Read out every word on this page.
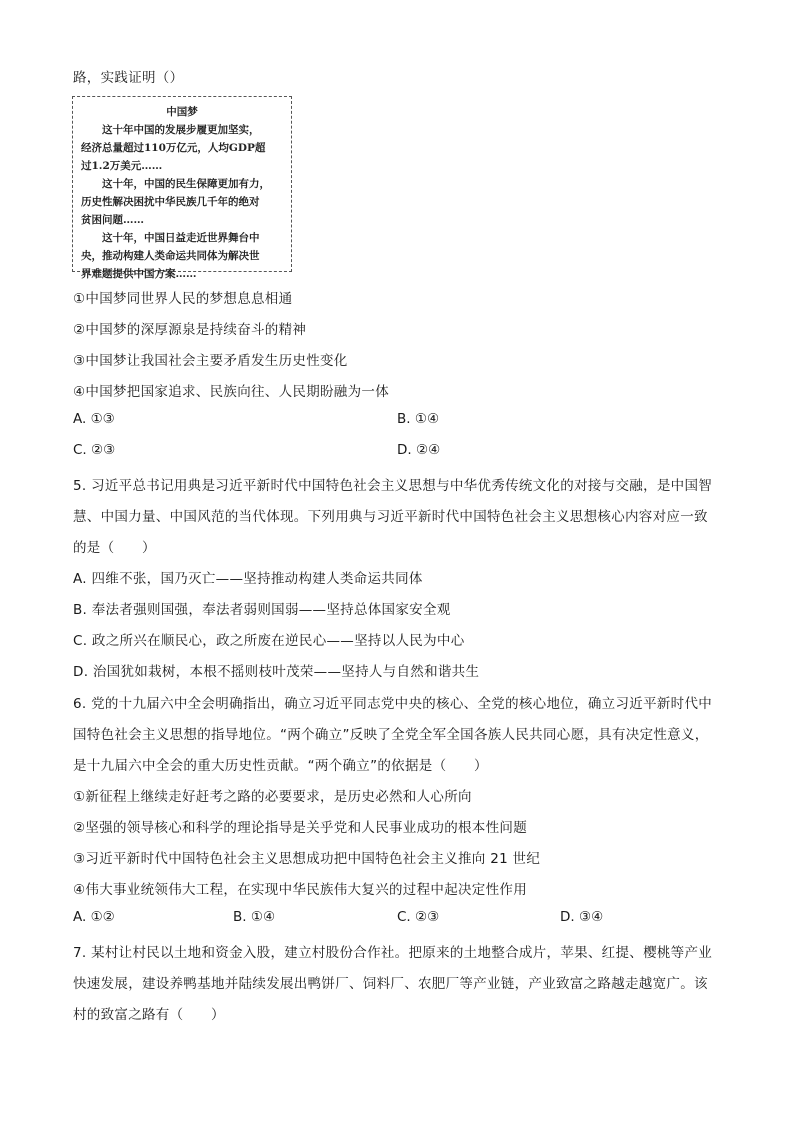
路，实践证明（）
中国梦
　　这十年中国的发展步履更加坚实，
经济总量超过110万亿元，人均GDP超
过1.2万美元……
　　这十年，中国的民生保障更加有力，
历史性解决困扰中华民族几千年的绝对
贫困问题……
　　这十年，中国日益走近世界舞台中
央，推动构建人类命运共同体为解决世
界难题提供中国方案……
①中国梦同世界人民的梦想息息相通
②中国梦的深厚源泉是持续奋斗的精神
③中国梦让我国社会主要矛盾发生历史性变化
④中国梦把国家追求、民族向往、人民期盼融为一体
A. ①③	B. ①④
C. ②③	D. ②④
5. 习近平总书记用典是习近平新时代中国特色社会主义思想与中华优秀传统文化的对接与交融，是中国智
慧、中国力量、中国风范的当代体现。下列用典与习近平新时代中国特色社会主义思想核心内容对应一致
的是（　　）
A. 四维不张，国乃灭亡——坚持推动构建人类命运共同体
B. 奉法者强则国强，奉法者弱则国弱——坚持总体国家安全观
C. 政之所兴在顺民心，政之所废在逆民心——坚持以人民为中心
D. 治国犹如栽树，本根不摇则枝叶茂荣——坚持人与自然和谐共生
6. 党的十九届六中全会明确指出，确立习近平同志党中央的核心、全党的核心地位，确立习近平新时代中
国特色社会主义思想的指导地位。“两个确立”反映了全党全军全国各族人民共同心愿，具有决定性意义，
是十九届六中全会的重大历史性贡献。“两个确立”的依据是（　　）
①新征程上继续走好赶考之路的必要要求，是历史必然和人心所向
②坚强的领导核心和科学的理论指导是关乎党和人民事业成功的根本性问题
③习近平新时代中国特色社会主义思想成功把中国特色社会主义推向 21 世纪
④伟大事业统领伟大工程，在实现中华民族伟大复兴的过程中起决定性作用
A. ①②	B. ①④	C. ②③	D. ③④
7. 某村让村民以土地和资金入股，建立村股份合作社。把原来的土地整合成片，苹果、红提、樱桃等产业
快速发展，建设养鸭基地并陆续发展出鸭饼厂、饲料厂、农肥厂等产业链，产业致富之路越走越宽广。该
村的致富之路有（　　）
